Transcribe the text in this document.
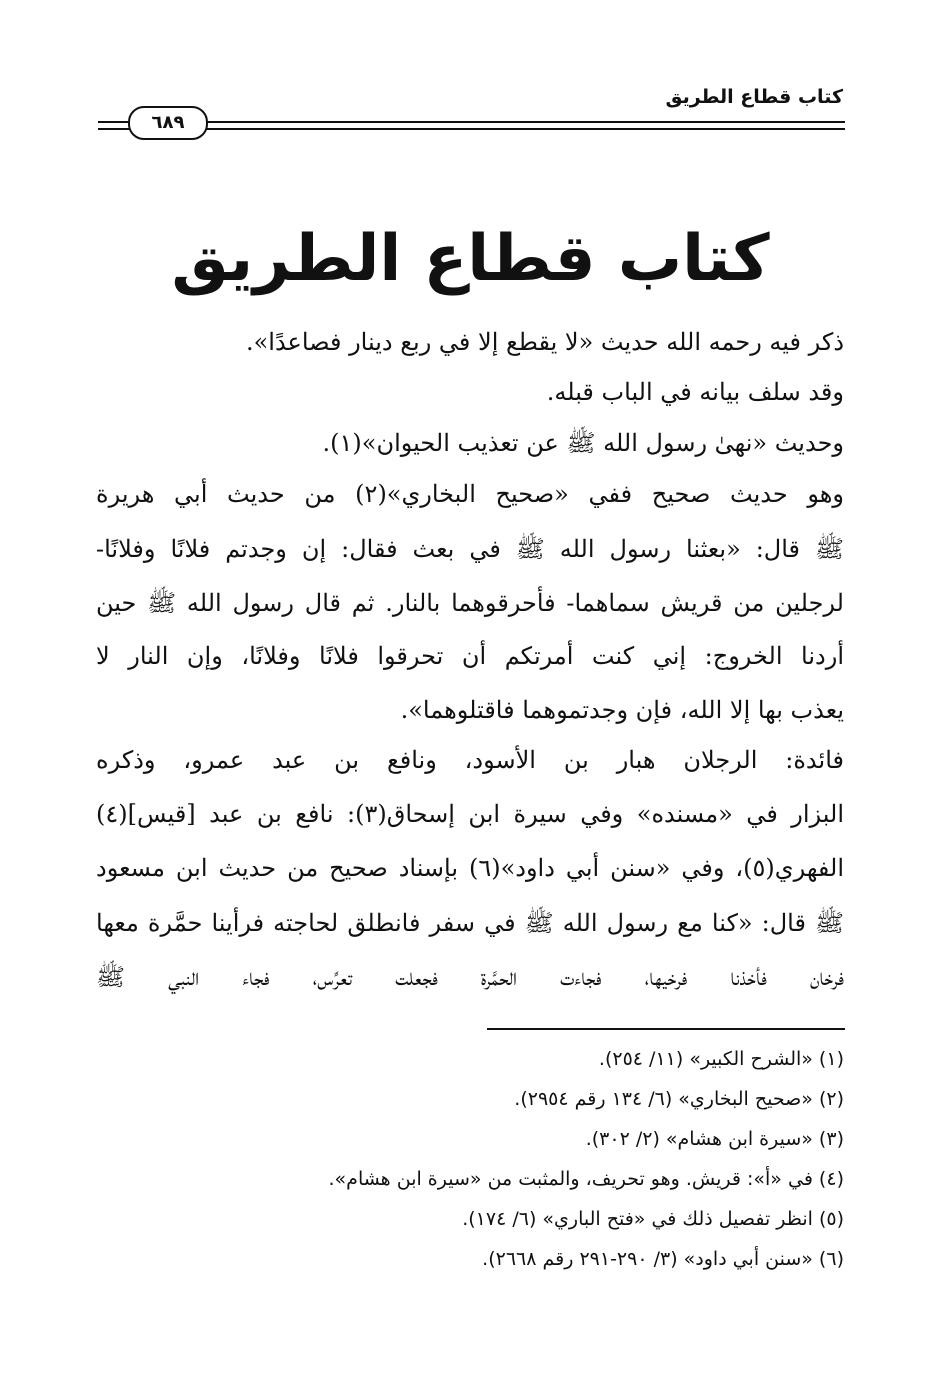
كتاب قطاع الطريق
٦٨٩
كتاب قطاع الطريق
ذكر فيه رحمه الله حديث «لا يقطع إلا في ربع دينار فصاعدًا».
وقد سلف بيانه في الباب قبله.
وحديث «نهىٰ رسول الله ﷺ عن تعذيب الحيوان»(١).
وهو حديث صحيح ففي «صحيح البخاري»(٢) من حديث أبي هريرة
ﷺ قال: «بعثنا رسول الله ﷺ في بعث فقال: إن وجدتم فلانًا وفلانًا-
لرجلين من قريش سماهما- فأحرقوهما بالنار. ثم قال رسول الله ﷺ حين
أردنا الخروج: إني كنت أمرتكم أن تحرقوا فلانًا وفلانًا، وإن النار لا
يعذب بها إلا الله، فإن وجدتموهما فاقتلوهما».
فائدة: الرجلان هبار بن الأسود، ونافع بن عبد عمرو، وذكره
البزار في «مسنده» وفي سيرة ابن إسحاق(٣): نافع بن عبد [قيس](٤)
الفهري(٥)، وفي «سنن أبي داود»(٦) بإسناد صحيح من حديث ابن مسعود
ﷺ قال: «كنا مع رسول الله ﷺ في سفر فانطلق لحاجته فرأينا حمَّرة معها
فرخان فأخذنا فرخيها، فجاءت الحمَّرة فجعلت تعرِّس، فجاء النبي ﷺ
(١) «الشرح الكبير» (١١/ ٢٥٤).
(٢) «صحيح البخاري» (٦/ ١٣٤ رقم ٢٩٥٤).
(٣) «سيرة ابن هشام» (٢/ ٣٠٢).
(٤) في «أ»: قريش. وهو تحريف، والمثبت من «سيرة ابن هشام».
(٥) انظر تفصيل ذلك في «فتح الباري» (٦/ ١٧٤).
(٦) «سنن أبي داود» (٣/ ٢٩٠-٢٩١ رقم ٢٦٦٨).
